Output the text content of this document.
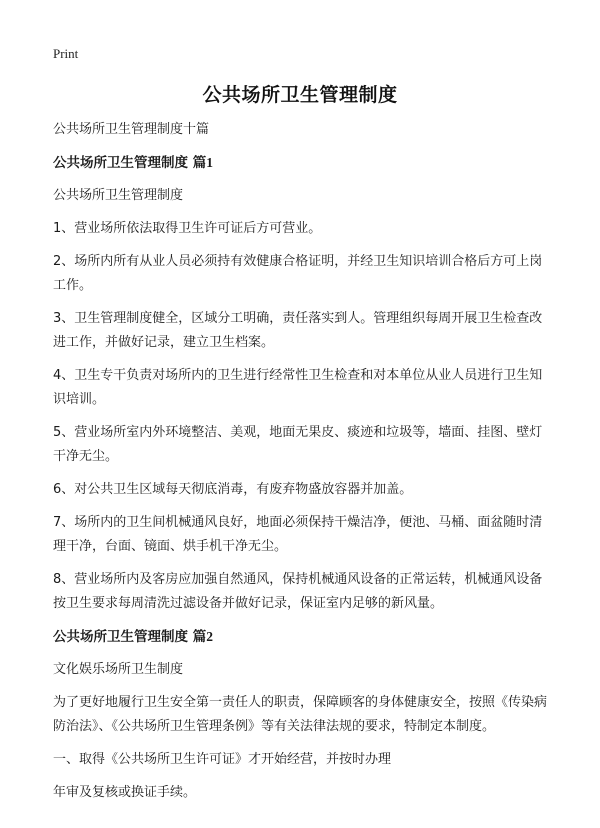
Print
公共场所卫生管理制度

公共场所卫生管理制度十篇

公共场所卫生管理制度 篇1

公共场所卫生管理制度

1、营业场所依法取得卫生许可证后方可营业。

2、场所内所有从业人员必须持有效健康合格证明，并经卫生知识培训合格后方可上岗工作。

3、卫生管理制度健全，区域分工明确，责任落实到人。管理组织每周开展卫生检查改进工作，并做好记录，建立卫生档案。

4、卫生专干负责对场所内的卫生进行经常性卫生检查和对本单位从业人员进行卫生知识培训。

5、营业场所室内外环境整洁、美观，地面无果皮、痰迹和垃圾等，墙面、挂图、壁灯干净无尘。

6、对公共卫生区域每天彻底消毒，有废弃物盛放容器并加盖。

7、场所内的卫生间机械通风良好，地面必须保持干燥洁净，便池、马桶、面盆随时清理干净，台面、镜面、烘手机干净无尘。

8、营业场所内及客房应加强自然通风，保持机械通风设备的正常运转，机械通风设备按卫生要求每周清洗过滤设备并做好记录，保证室内足够的新风量。

公共场所卫生管理制度 篇2

文化娱乐场所卫生制度

为了更好地履行卫生安全第一责任人的职责，保障顾客的身体健康安全，按照《传染病防治法》、《公共场所卫生管理条例》等有关法律法规的要求，特制定本制度。

一、取得《公共场所卫生许可证》才开始经营，并按时办理

年审及复核或换证手续。
